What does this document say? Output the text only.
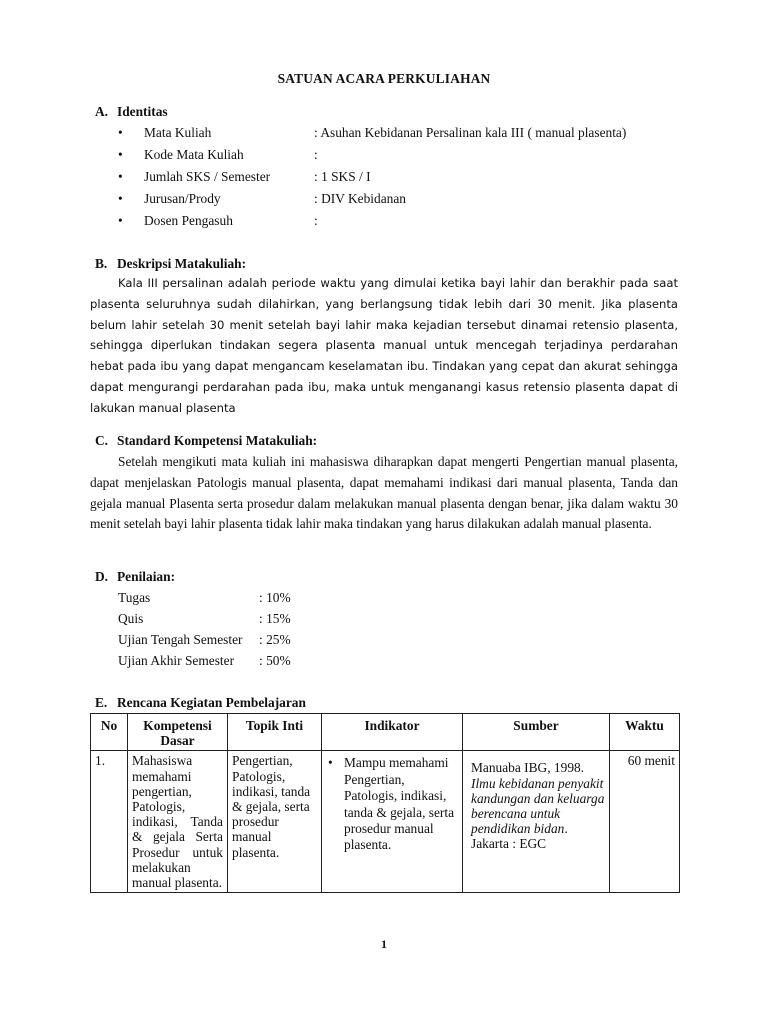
SATUAN ACARA PERKULIAHAN
A. Identitas
• Mata Kuliah	: Asuhan Kebidanan Persalinan kala III ( manual plasenta)
• Kode Mata Kuliah	:
• Jumlah SKS / Semester	: 1 SKS / I
• Jurusan/Prody	: DIV Kebidanan
• Dosen Pengasuh	:
B. Deskripsi Matakuliah:

Kala III persalinan adalah periode waktu yang dimulai ketika bayi lahir dan berakhir pada saat plasenta seluruhnya sudah dilahirkan, yang berlangsung tidak lebih dari 30 menit. Jika plasenta belum lahir setelah 30 menit setelah bayi lahir maka kejadian tersebut dinamai retensio plasenta, sehingga diperlukan tindakan segera plasenta manual untuk mencegah terjadinya perdarahan hebat pada ibu yang dapat mengancam keselamatan ibu. Tindakan yang cepat dan akurat sehingga dapat mengurangi perdarahan pada ibu, maka untuk menganangi kasus retensio plasenta dapat di lakukan manual plasenta

C. Standard Kompetensi Matakuliah:

Setelah mengikuti mata kuliah ini mahasiswa diharapkan dapat mengerti Pengertian manual plasenta, dapat menjelaskan Patologis manual plasenta, dapat memahami indikasi dari manual plasenta, Tanda dan gejala manual Plasenta serta prosedur dalam melakukan manual plasenta dengan benar, jika dalam waktu 30 menit setelah bayi lahir plasenta tidak lahir maka tindakan yang harus dilakukan adalah manual plasenta.

D. Penilaian:
Tugas	: 10%
Quis	: 15%
Ujian Tengah Semester : 25%
Ujian Akhir Semester : 50%
E. Rencana Kegiatan Pembelajaran
No	Kompetensi Dasar	Topik Inti	Indikator	Sumber	Waktu
1.	Mahasiswa memahami pengertian, Patologis, indikasi, Tanda & gejala Serta Prosedur untuk melakukan manual plasenta.	Pengertian, Patologis, indikasi, tanda & gejala, serta prosedur manual plasenta.	• Mampu memahami Pengertian, Patologis, indikasi, tanda & gejala, serta prosedur manual plasenta.	Manuaba IBG, 1998. Ilmu kebidanan penyakit kandungan dan keluarga berencana untuk pendidikan bidan. Jakarta : EGC	60 menit
1
